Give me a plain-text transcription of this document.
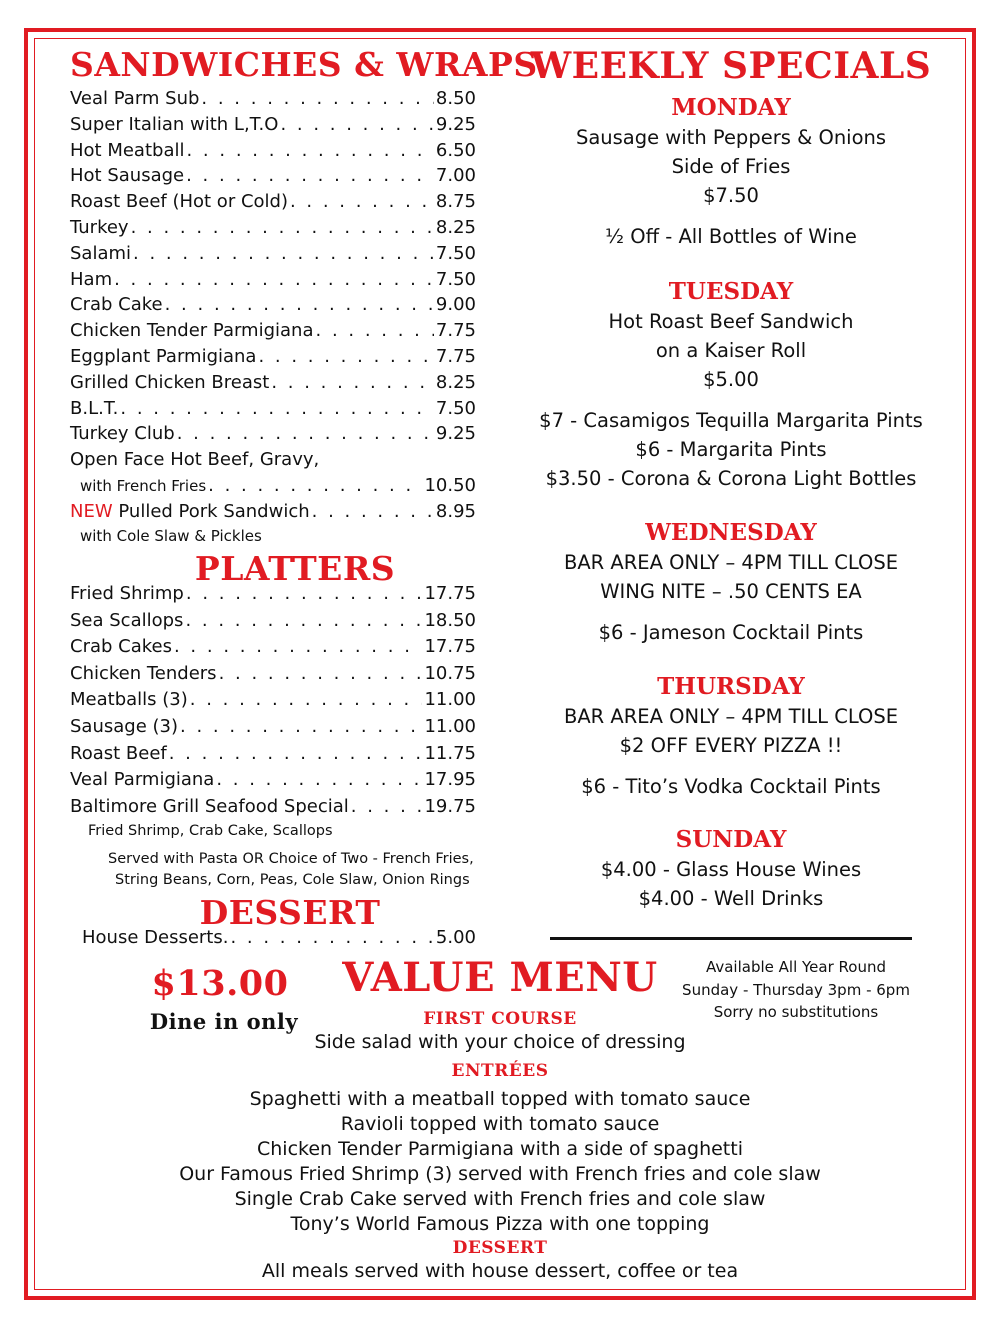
SANDWICHES & WRAPS
Veal Parm Sub . . .	8.50
Super Italian with L,T.O . . .	9.25
Hot Meatball . . .	6.50
Hot Sausage . . .	7.00
Roast Beef (Hot or Cold) . . .	8.75
Turkey . . .	8.25
Salami . . .	7.50
Ham . . .	7.50
Crab Cake . . .	9.00
Chicken Tender Parmigiana . . .	7.75
Eggplant Parmigiana . . .	7.75
Grilled Chicken Breast . . .	8.25
B.L.T. . . .	7.50
Turkey Club . . .	9.25
Open Face Hot Beef, Gravy,
with French Fries . . .	10.50
NEW Pulled Pork Sandwich . . .	8.95
with Cole Slaw & Pickles
PLATTERS
Fried Shrimp . . .	17.75
Sea Scallops . . .	18.50
Crab Cakes . . .	17.75
Chicken Tenders . . .	10.75
Meatballs (3) . . .	11.00
Sausage (3) . . .	11.00
Roast Beef . . .	11.75
Veal Parmigiana . . .	17.95
Baltimore Grill Seafood Special . . .	19.75
Fried Shrimp, Crab Cake, Scallops
Served with Pasta OR Choice of Two - French Fries,
String Beans, Corn, Peas, Cole Slaw, Onion Rings
DESSERT
House Desserts. . . .	5.00
WEEKLY SPECIALS
MONDAY
Sausage with Peppers & Onions
Side of Fries
$7.50
½ Off - All Bottles of Wine
TUESDAY
Hot Roast Beef Sandwich
on a Kaiser Roll
$5.00
$7 - Casamigos Tequilla Margarita Pints
$6 - Margarita Pints
$3.50 - Corona & Corona Light Bottles
WEDNESDAY
BAR AREA ONLY – 4PM TILL CLOSE
WING NITE – .50 CENTS EA
$6 - Jameson Cocktail Pints
THURSDAY
BAR AREA ONLY – 4PM TILL CLOSE
$2 OFF EVERY PIZZA !!
$6 - Tito’s Vodka Cocktail Pints
SUNDAY
$4.00 - Glass House Wines
$4.00 - Well Drinks
$13.00
Dine in only
VALUE MENU	Available All Year Round
Sunday - Thursday 3pm - 6pm
Sorry no substitutions
FIRST COURSE
Side salad with your choice of dressing
ENTRÉES
Spaghetti with a meatball topped with tomato sauce
Ravioli topped with tomato sauce
Chicken Tender Parmigiana with a side of spaghetti
Our Famous Fried Shrimp (3) served with French fries and cole slaw
Single Crab Cake served with French fries and cole slaw
Tony’s World Famous Pizza with one topping
DESSERT
All meals served with house dessert, coffee or tea
